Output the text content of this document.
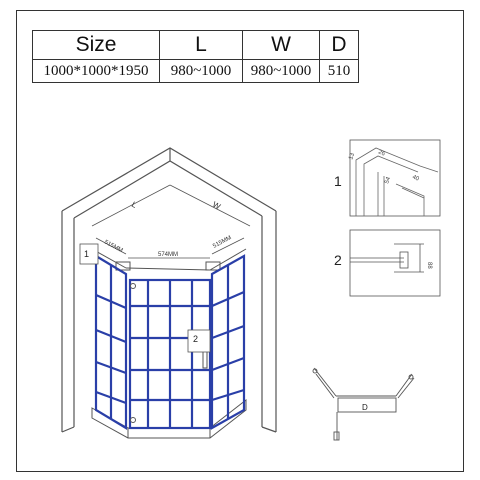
Size	L	W	D
1000*1000*1950	980~1000	980~1000	510
L	W
515MM
574MM
515MM
1
2
1
13	26
54	40
2	88
D
